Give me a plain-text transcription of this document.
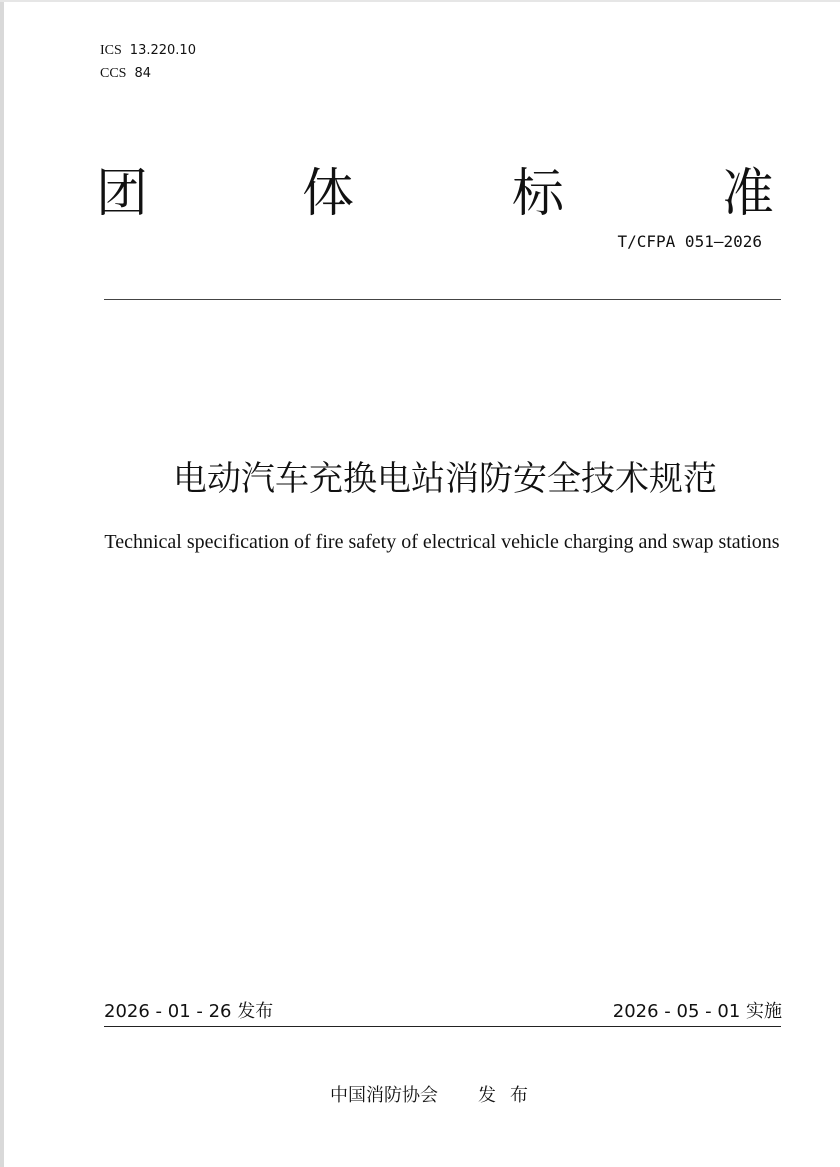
ICS 13.220.10
CCS 84
团	体	标	准
T/CFPA 051—2026
电动汽车充换电站消防安全技术规范
Technical specification of fire safety of electrical vehicle charging and swap stations
2026 - 01 - 26 发布	2026 - 05 - 01 实施
中国消防协会 发布
